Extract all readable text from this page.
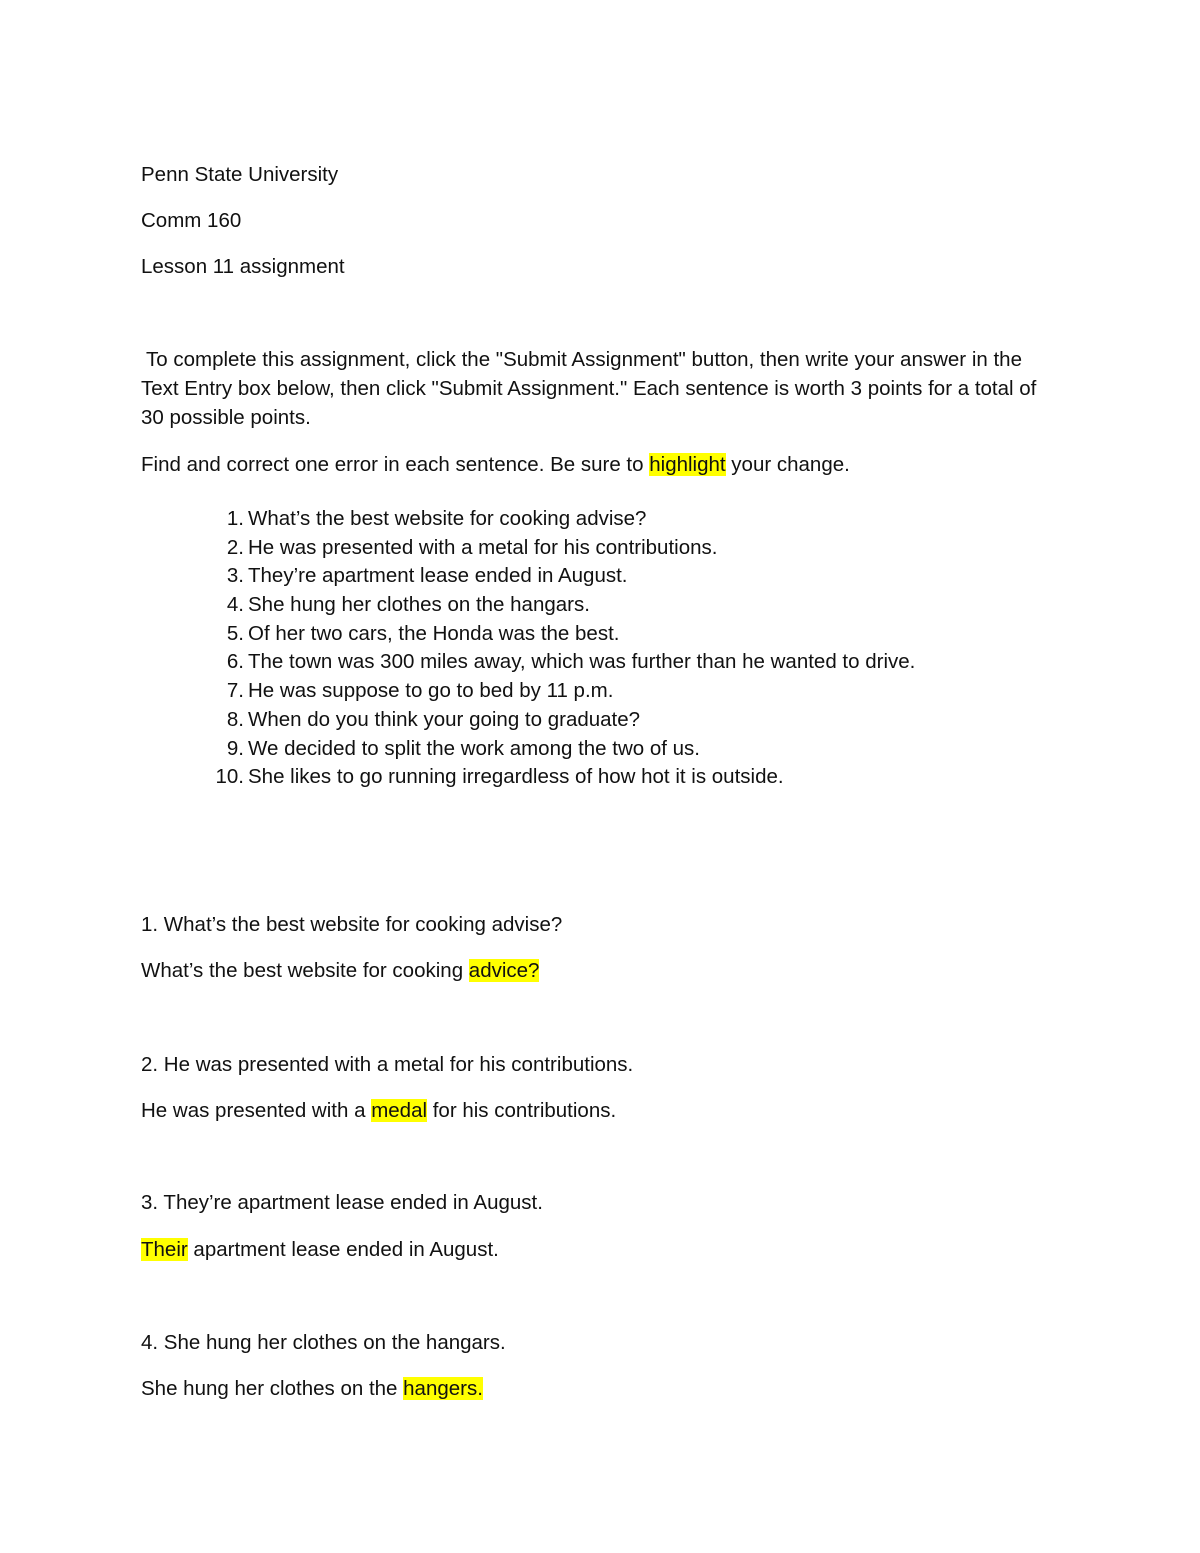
Penn State University
Comm 160
Lesson 11 assignment
To complete this assignment, click the "Submit Assignment" button, then write your answer in the Text Entry box below, then click "Submit Assignment." Each sentence is worth 3 points for a total of 30 possible points.
Find and correct one error in each sentence. Be sure to highlight your change.
1. What’s the best website for cooking advise?
2. He was presented with a metal for his contributions.
3. They’re apartment lease ended in August.
4. She hung her clothes on the hangars.
5. Of her two cars, the Honda was the best.
6. The town was 300 miles away, which was further than he wanted to drive.
7. He was suppose to go to bed by 11 p.m.
8. When do you think your going to graduate?
9. We decided to split the work among the two of us.
10. She likes to go running irregardless of how hot it is outside.
1. What’s the best website for cooking advise?
What’s the best website for cooking advice?
2. He was presented with a metal for his contributions.
He was presented with a medal for his contributions.
3. They’re apartment lease ended in August.
Their apartment lease ended in August.
4. She hung her clothes on the hangars.
She hung her clothes on the hangers.
